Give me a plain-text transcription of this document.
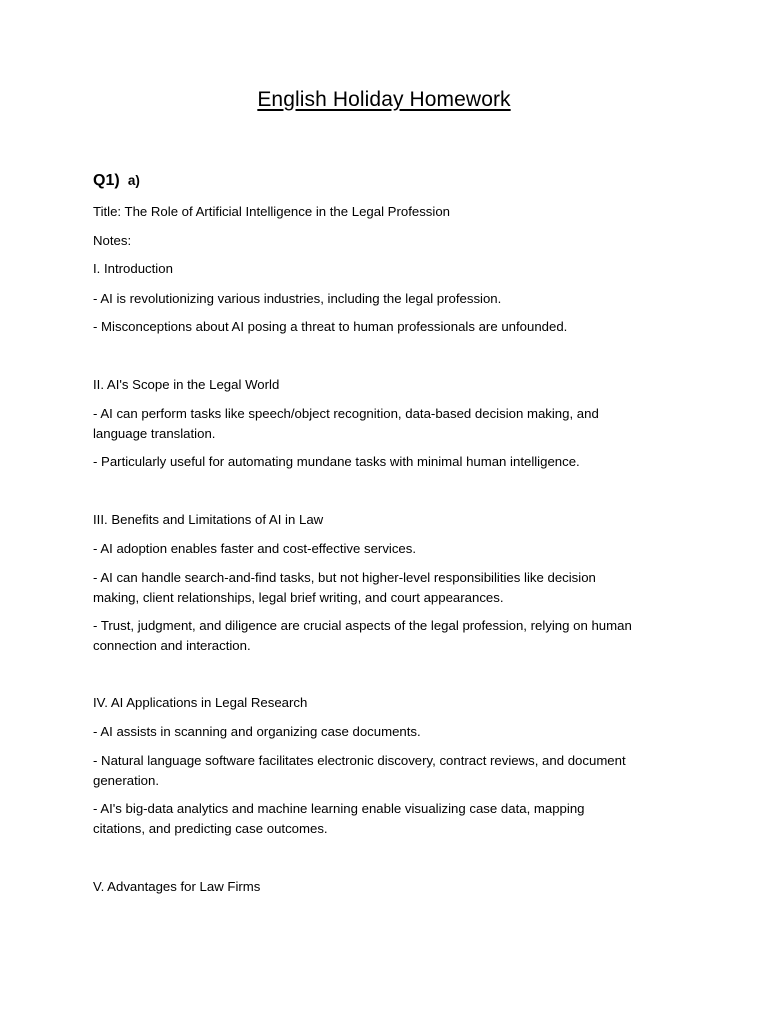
English Holiday Homework
Q1) a)
Title: The Role of Artificial Intelligence in the Legal Profession
Notes:
I. Introduction
- AI is revolutionizing various industries, including the legal profession.
- Misconceptions about AI posing a threat to human professionals are unfounded.
II. AI's Scope in the Legal World
- AI can perform tasks like speech/object recognition, data-based decision making, and
language translation.
- Particularly useful for automating mundane tasks with minimal human intelligence.
III. Benefits and Limitations of AI in Law
- AI adoption enables faster and cost-effective services.
- AI can handle search-and-find tasks, but not higher-level responsibilities like decision
making, client relationships, legal brief writing, and court appearances.
- Trust, judgment, and diligence are crucial aspects of the legal profession, relying on human
connection and interaction.
IV. AI Applications in Legal Research
- AI assists in scanning and organizing case documents.
- Natural language software facilitates electronic discovery, contract reviews, and document
generation.
- AI's big-data analytics and machine learning enable visualizing case data, mapping
citations, and predicting case outcomes.
V. Advantages for Law Firms
